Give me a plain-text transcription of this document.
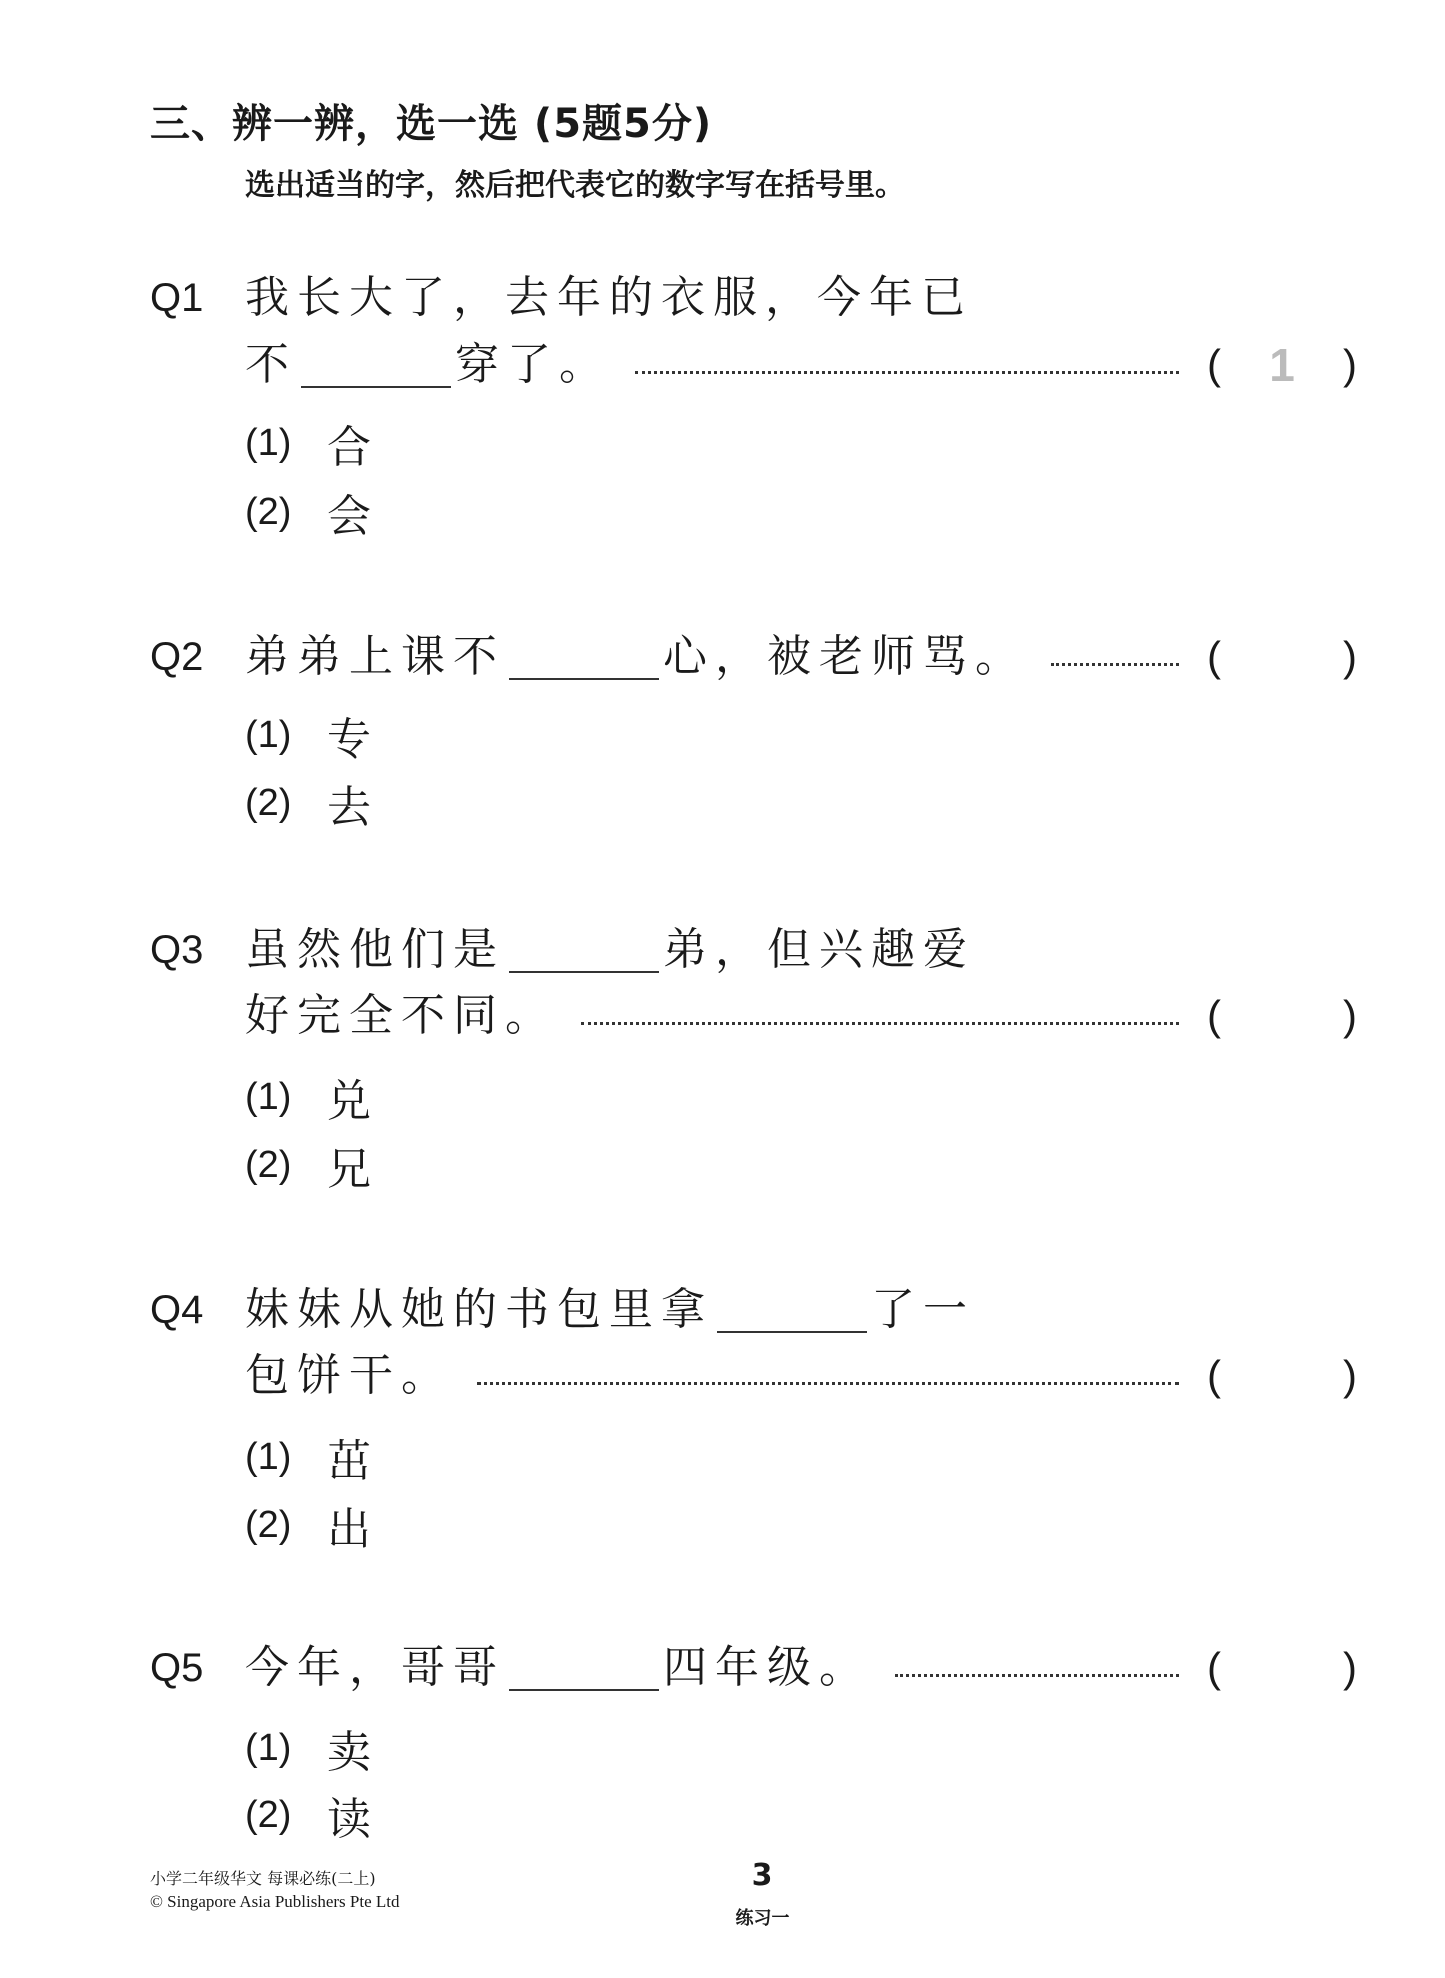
三、辨一辨，选一选 (5题5分)
选出适当的字，然后把代表它的数字写在括号里。
Q1 我长大了，去年的衣服，今年已
不	穿了。	( 1 )
(1) 合
(2) 会
Q2 弟弟上课不	心，被老师骂。	(	)
(1) 专
(2) 去
Q3 虽然他们是	弟，但兴趣爱
好完全不同。	(	)
(1) 兑
(2) 兄
Q4 妹妹从她的书包里拿	了一
包饼干。	(	)
(1) 茁
(2) 出
Q5 今年，哥哥	四年级。	(	)
(1) 卖
(2) 读
小学二年级华文 每课必练(二上)
© Singapore Asia Publishers Pte Ltd
3
练习一
